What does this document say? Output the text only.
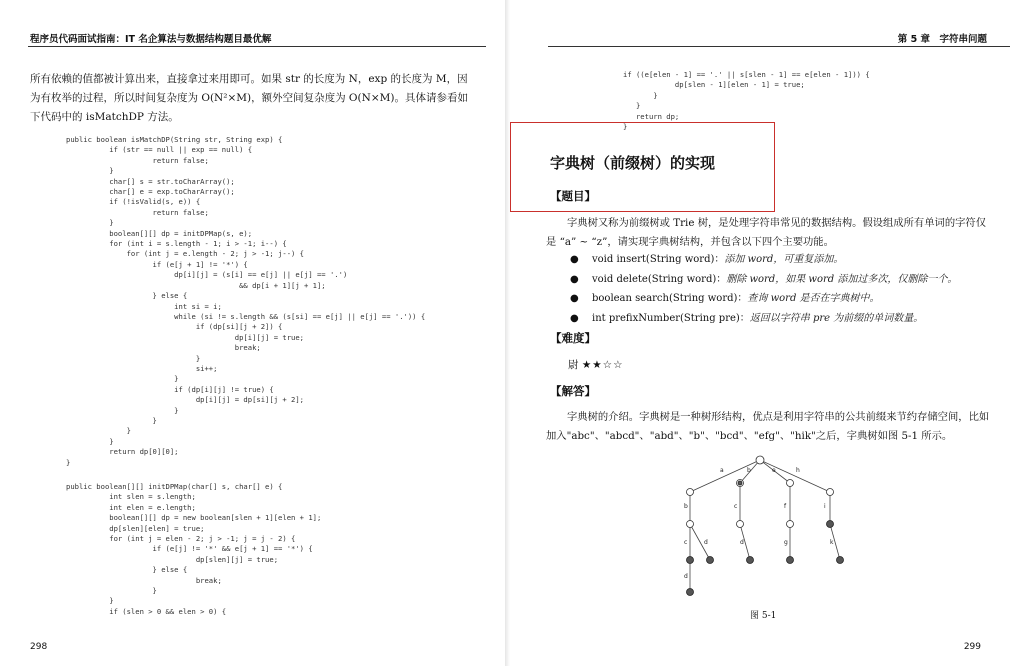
程序员代码面试指南：IT 名企算法与数据结构题目最优解
所有依赖的值都被计算出来，直接拿过来用即可。如果 str 的长度为 N，exp 的长度为 M，因为有枚举的过程，所以时间复杂度为 O(N²×M)，额外空间复杂度为 O(N×M)。具体请参看如下代码中的 isMatchDP 方法。
public boolean isMatchDP(String str, String exp) {
if (str == null || exp == null) {
return false;
}
char[] s = str.toCharArray();
char[] e = exp.toCharArray();
if (!isValid(s, e)) {
return false;
}
boolean[][] dp = initDPMap(s, e);
for (int i = s.length - 1; i > -1; i--) {
for (int j = e.length - 2; j > -1; j--) {
if (e[j + 1] != '*') {
dp[i][j] = (s[i] == e[j] || e[j] == '.')
&& dp[i + 1][j + 1];
} else {
int si = i;
while (si != s.length && (s[si] == e[j] || e[j] == '.')) {
if (dp[si][j + 2]) {
dp[i][j] = true;
break;
}
si++;
}
if (dp[i][j] != true) {
dp[i][j] = dp[si][j + 2];
}
}
}
}
return dp[0][0];
}
public boolean[][] initDPMap(char[] s, char[] e) {
int slen = s.length;
int elen = e.length;
boolean[][] dp = new boolean[slen + 1][elen + 1];
dp[slen][elen] = true;
for (int j = elen - 2; j > -1; j = j - 2) {
if (e[j] != '*' && e[j + 1] == '*') {
dp[slen][j] = true;
} else {
break;
}
}
if (slen > 0 && elen > 0) {
298
第 5 章　字符串问题
if ((e[elen - 1] == '.' || s[slen - 1] == e[elen - 1])) {
dp[slen - 1][elen - 1] = true;
}
}
return dp;
}
字典树（前缀树）的实现
【题目】
字典树又称为前缀树或 Trie 树，是处理字符串常见的数据结构。假设组成所有单词的字符仅是 “a” ~ “z”，请实现字典树结构，并包含以下四个主要功能。
● void insert(String word)：添加 word，可重复添加。
● void delete(String word)：删除 word，如果 word 添加过多次，仅删除一个。
● boolean search(String word)：查询 word 是否在字典树中。
● int prefixNumber(String pre)：返回以字符串 pre 为前缀的单词数量。
【难度】
尉 ★★☆☆
【解答】
字典树的介绍。字典树是一种树形结构，优点是利用字符串的公共前缀来节约存储空间，比如加入"abc"、"abcd"、"abd"、"b"、"bcd"、"efg"、"hik"之后，字典树如图 5-1 所示。
a	b	e	h
b	c	f	i
c	d	d	g	k
d
图 5-1
299
